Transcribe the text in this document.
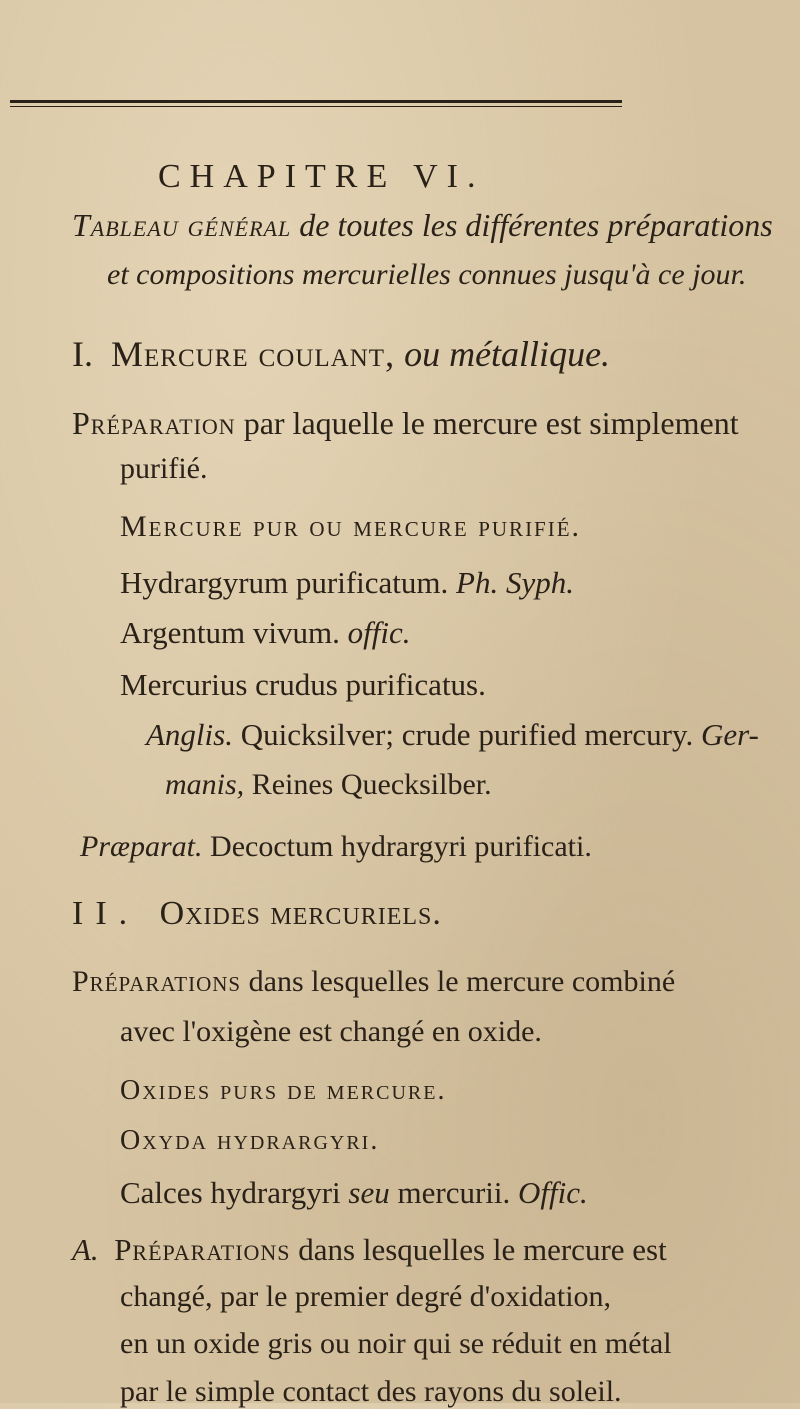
CHAPITRE VI.
Tableau général de toutes les différentes préparations
et compositions mercurielles connues jusqu'à ce jour.
I. Mercure coulant, ou métallique.
Préparation par laquelle le mercure est simplement
purifié.
Mercure pur ou mercure purifié.
Hydrargyrum purificatum. Ph. Syph.
Argentum vivum. offic.
Mercurius crudus purificatus.
Anglis. Quicksilver; crude purified mercury. Ger-
manis, Reines Quecksilber.
Præparat. Decoctum hydrargyri purificati.
II. Oxides mercuriels.
Préparations dans lesquelles le mercure combiné
avec l'oxigène est changé en oxide.
Oxides purs de mercure.
Oxyda hydrargyri.
Calces hydrargyri seu mercurii. Offic.
A. Préparations dans lesquelles le mercure est
changé, par le premier degré d'oxidation,
en un oxide gris ou noir qui se réduit en métal
par le simple contact des rayons du soleil.
